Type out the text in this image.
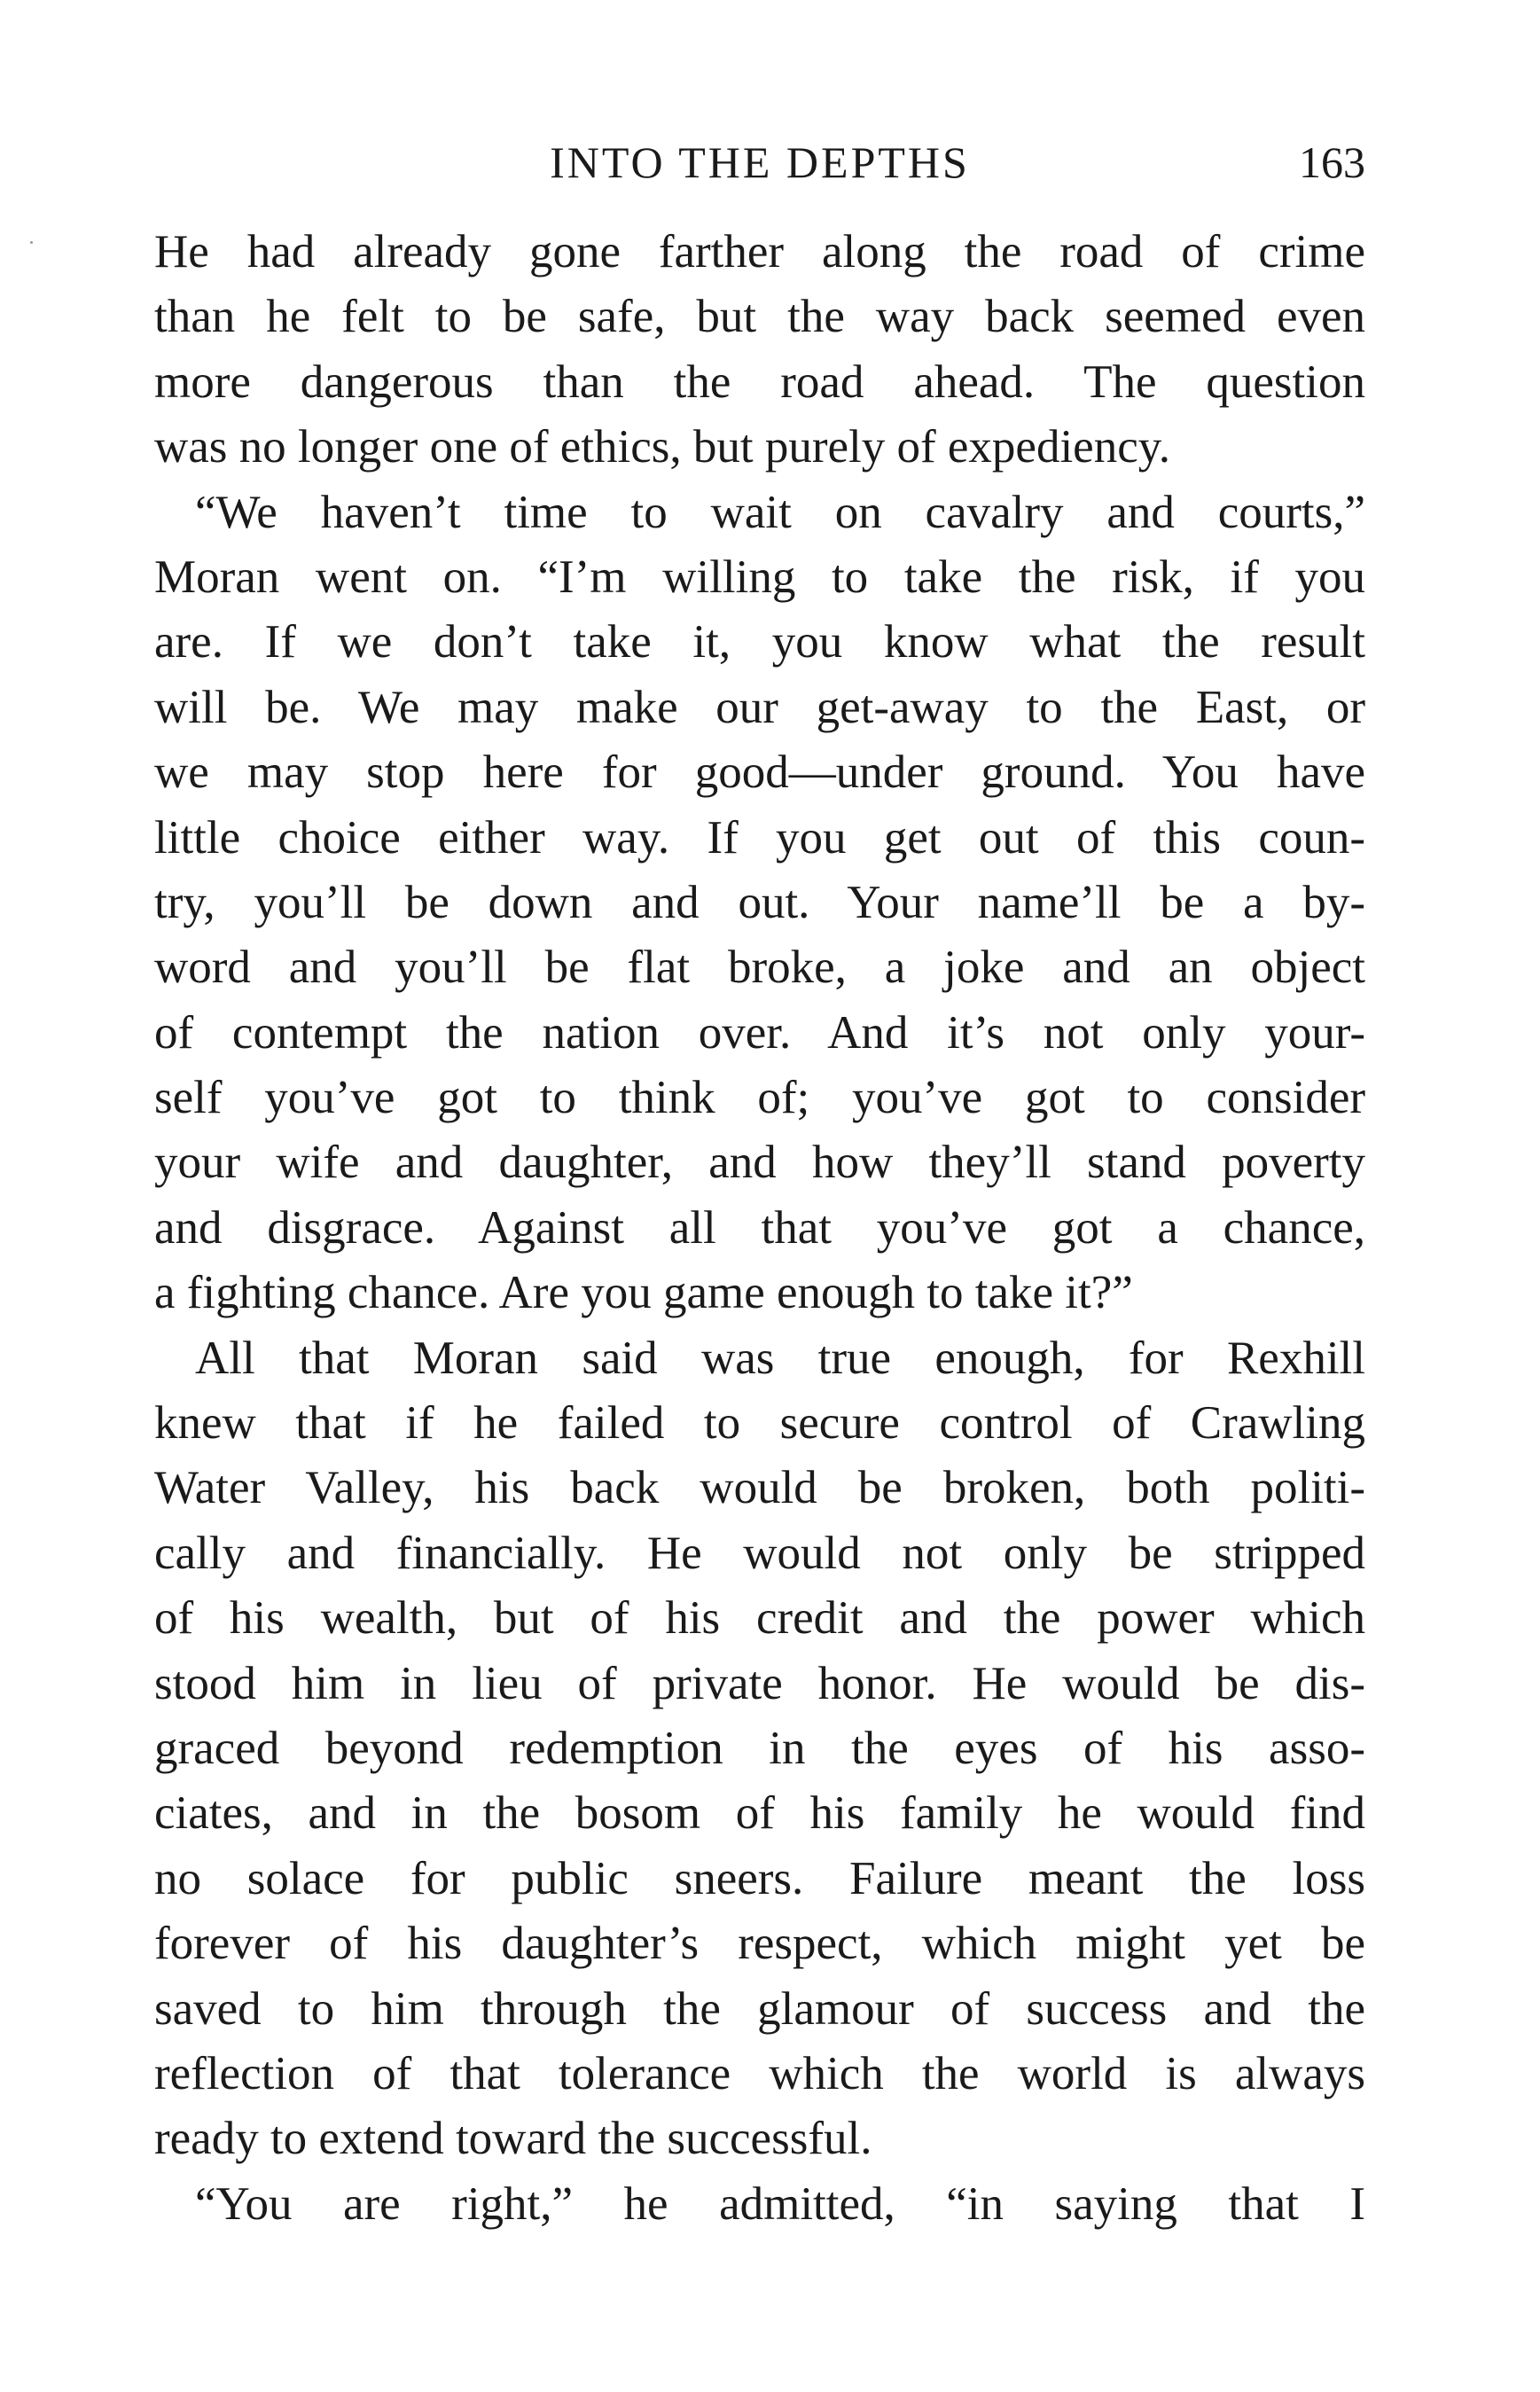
INTO THE DEPTHS	163
He had already gone farther along the road of crime
than he felt to be safe, but the way back seemed even
more dangerous than the road ahead. The question
was no longer one of ethics, but purely of expediency.
“We haven’t time to wait on cavalry and courts,”
Moran went on. “I’m willing to take the risk, if you
are. If we don’t take it, you know what the result
will be. We may make our get-away to the East, or
we may stop here for good—under ground. You have
little choice either way. If you get out of this coun-
try, you’ll be down and out. Your name’ll be a by-
word and you’ll be flat broke, a joke and an object
of contempt the nation over. And it’s not only your-
self you’ve got to think of; you’ve got to consider
your wife and daughter, and how they’ll stand poverty
and disgrace. Against all that you’ve got a chance,
a fighting chance. Are you game enough to take it?”
All that Moran said was true enough, for Rexhill
knew that if he failed to secure control of Crawling
Water Valley, his back would be broken, both politi-
cally and financially. He would not only be stripped
of his wealth, but of his credit and the power which
stood him in lieu of private honor. He would be dis-
graced beyond redemption in the eyes of his asso-
ciates, and in the bosom of his family he would find
no solace for public sneers. Failure meant the loss
forever of his daughter’s respect, which might yet be
saved to him through the glamour of success and the
reflection of that tolerance which the world is always
ready to extend toward the successful.
“You are right,” he admitted, “in saying that I
